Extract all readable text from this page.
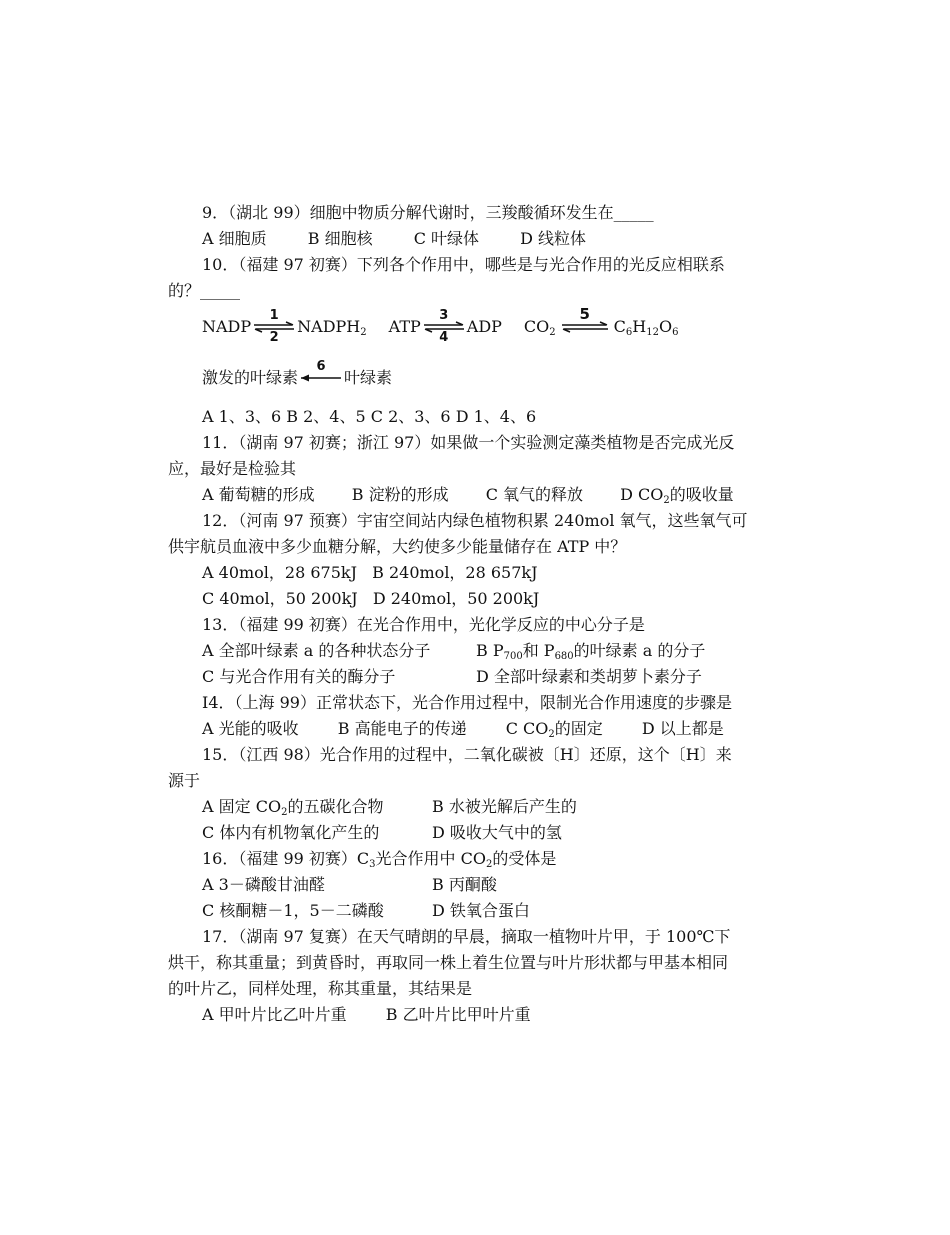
9．（湖北 99）细胞中物质分解代谢时，三羧酸循环发生在_____
A 细胞质	B 细胞核	C 叶绿体	D 线粒体
10．（福建 97 初赛）下列各个作用中，哪些是与光合作用的光反应相联系
的？_____
NADP
1
2
$NADPH_2$ ATP
3
4
ADP $CO_2$
5
$C_6H_{12}O_6$
激发的叶绿素
6
叶绿素
A 1、3、6 B 2、4、5 C 2、3、6 D 1、4、6
11．（湖南 97 初赛；浙江 97）如果做一个实验测定藻类植物是否完成光反
应，最好是检验其
A 葡萄糖的形成 B 淀粉的形成 C 氧气的释放 D $CO_2$的吸收量
12．（河南 97 预赛）宇宙空间站内绿色植物积累 240mol 氧气，这些氧气可
供宇航员血液中多少血糖分解，大约使多少能量储存在 ATP 中？
A 40mol，28 675kJ B 240mol，28 657kJ
C 40mol，50 200kJ D 240mol，50 200kJ
13．（福建 99 初赛）在光合作用中，光化学反应的中心分子是
A 全部叶绿素 a 的各种状态分子	B $P_{700}$和 $P_{680}$的叶绿素 a 的分子
C 与光合作用有关的酶分子	D 全部叶绿素和类胡萝卜素分子
I4．（上海 99）正常状态下，光合作用过程中，限制光合作用速度的步骤是
A 光能的吸收 B 高能电子的传递 C $CO_2$的固定 D 以上都是
15．（江西 98）光合作用的过程中，二氧化碳被〔H〕还原，这个〔H〕来
源于
A 固定 $CO_2$的五碳化合物	B 水被光解后产生的
C 体内有机物氧化产生的	D 吸收大气中的氢
16．（福建 99 初赛）$C_3$光合作用中 $CO_2$的受体是
A 3－磷酸甘油醛	B 丙酮酸
C 核酮糖－1，5－二磷酸	D 铁氧合蛋白
17．（湖南 97 复赛）在天气晴朗的早晨，摘取一植物叶片甲，于 100℃下
烘干，称其重量；到黄昏时，再取同一株上着生位置与叶片形状都与甲基本相同
的叶片乙，同样处理，称其重量，其结果是
A 甲叶片比乙叶片重 B 乙叶片比甲叶片重
